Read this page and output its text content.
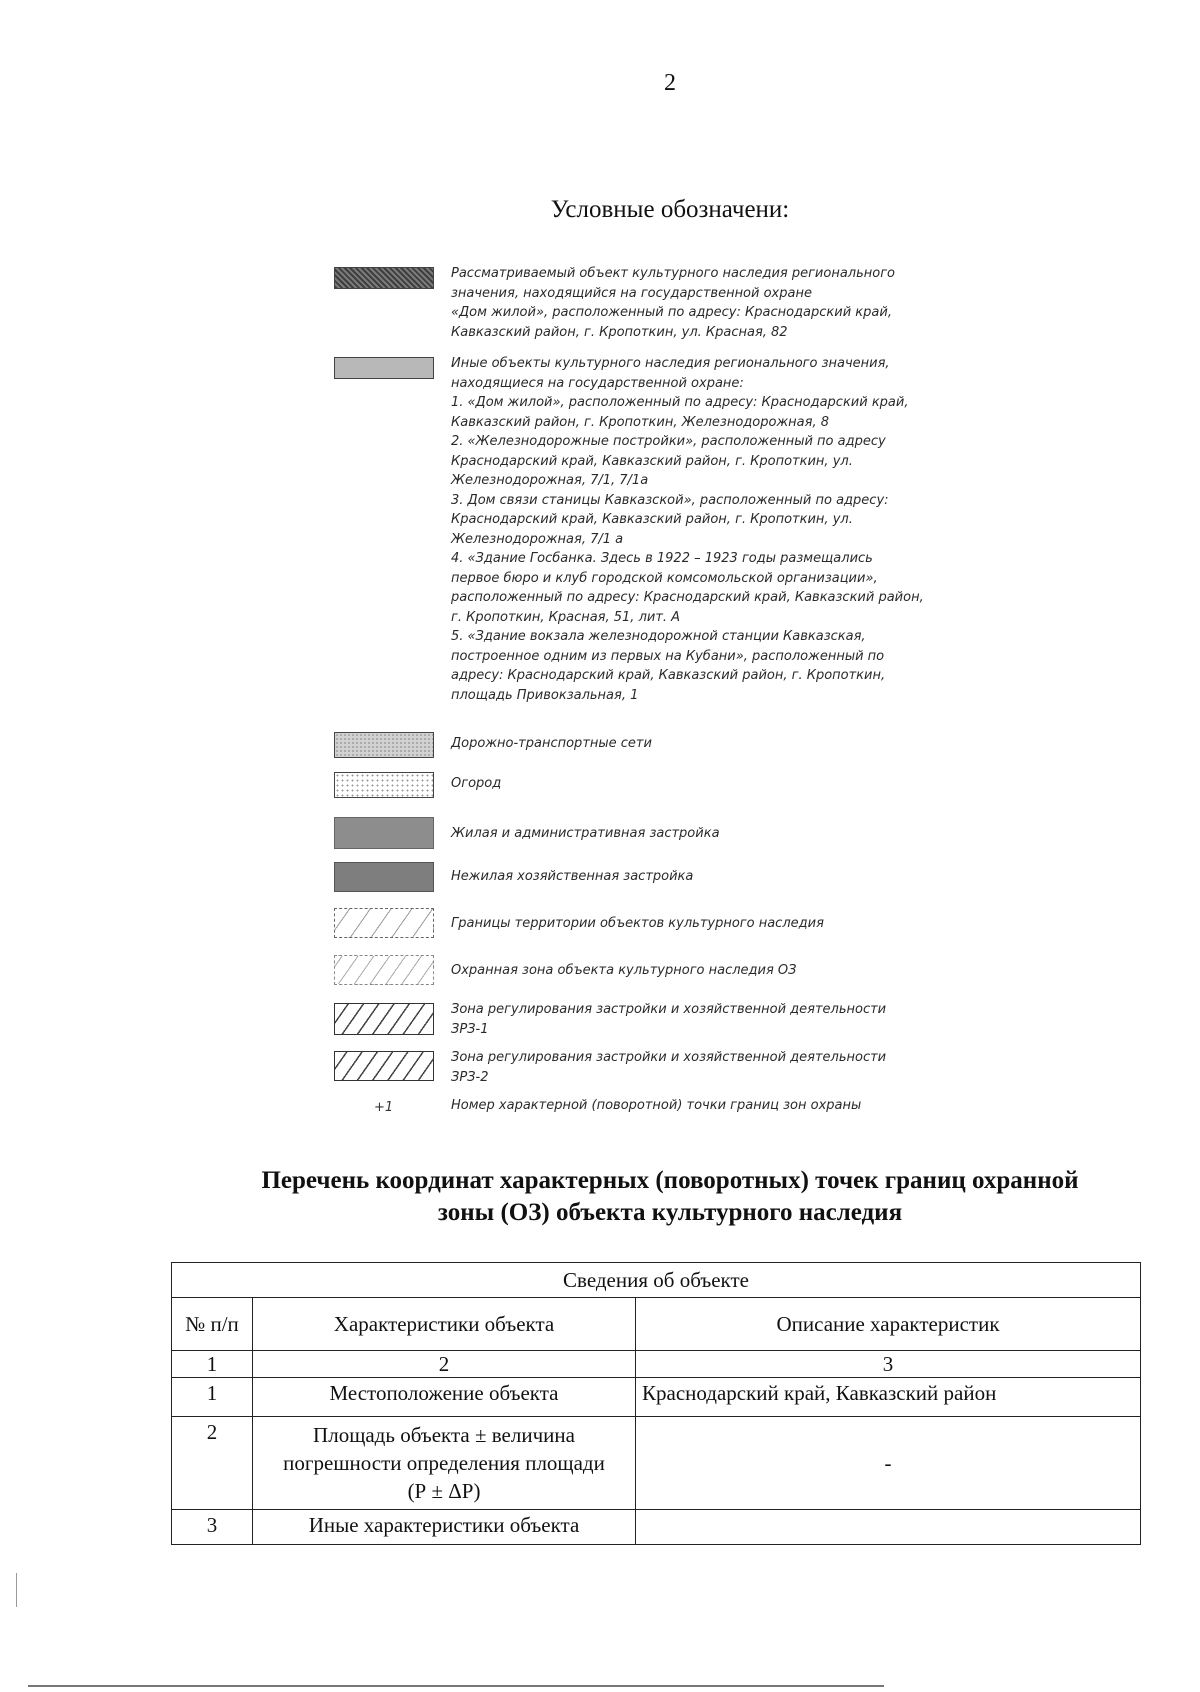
2
Условные обозначени:
Рассматриваемый объект культурного наследия регионального
значения, находящийся на государственной охране
«Дом жилой», расположенный по адресу: Краснодарский край,
Кавказский район, г. Кропоткин, ул. Красная, 82
Иные объекты культурного наследия регионального значения,
находящиеся на государственной охране:
1. «Дом жилой», расположенный по адресу: Краснодарский край,
Кавказский район, г. Кропоткин, Железнодорожная, 8
2. «Железнодорожные постройки», расположенный по адресу
Краснодарский край, Кавказский район, г. Кропоткин, ул.
Железнодорожная, 7/1, 7/1а
3. Дом связи станицы Кавказской», расположенный по адресу:
Краснодарский край, Кавказский район, г. Кропоткин, ул.
Железнодорожная, 7/1 а
4. «Здание Госбанка. Здесь в 1922 – 1923 годы размещались
первое бюро и клуб городской комсомольской организации»,
расположенный по адресу: Краснодарский край, Кавказский район,
г. Кропоткин, Красная, 51, лит. А
5. «Здание вокзала железнодорожной станции Кавказская,
построенное одним из первых на Кубани», расположенный по
адресу: Краснодарский край, Кавказский район, г. Кропоткин,
площадь Привокзальная, 1
Дорожно-транспортные сети
Огород
Жилая и административная застройка
Нежилая хозяйственная застройка
Границы территории объектов культурного наследия
Охранная зона объекта культурного наследия ОЗ
Зона регулирования застройки и хозяйственной деятельности
ЗРЗ-1
Зона регулирования застройки и хозяйственной деятельности
ЗРЗ-2
+1	Номер характерной (поворотной) точки границ зон охраны
Перечень координат характерных (поворотных) точек границ охранной
зоны (ОЗ) объекта культурного наследия
Сведения об объекте		
№ п/п	Характеристики объекта	Описание характеристик
1	2	3
1	Местоположение объекта	Краснодарский край, Кавказский район
2	Площадь объекта ± величина погрешности определения площади (Р ± ΔР)	-
3	Иные характеристики объекта	
